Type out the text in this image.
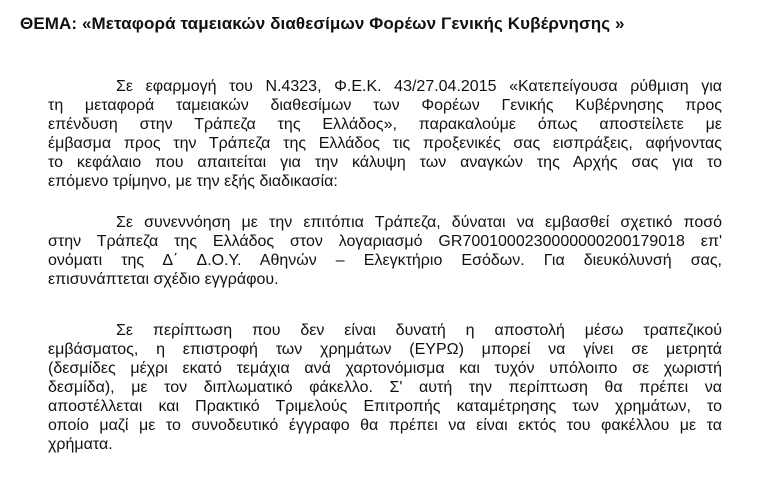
ΘΕΜΑ: «Μεταφορά ταμειακών διαθεσίμων Φορέων Γενικής Κυβέρνησης »
Σε εφαρμογή του Ν.4323, Φ.Ε.Κ. 43/27.04.2015 «Κατεπείγουσα ρύθμιση για
τη μεταφορά ταμειακών διαθεσίμων των Φορέων Γενικής Κυβέρνησης προς
επένδυση στην Τράπεζα της Ελλάδος», παρακαλούμε όπως αποστείλετε με
έμβασμα προς την Τράπεζα της Ελλάδος τις προξενικές σας εισπράξεις, αφήνοντας
το κεφάλαιο που απαιτείται για την κάλυψη των αναγκών της Αρχής σας για το
επόμενο τρίμηνο, με την εξής διαδικασία:
Σε συνεννόηση με την επιτόπια Τράπεζα, δύναται να εμβασθεί σχετικό ποσό
στην Τράπεζα της Ελλάδος στον λογαριασμό GR7001000230000000200179018 επ'
ονόματι της Δ΄ Δ.Ο.Υ. Αθηνών – Ελεγκτήριο Εσόδων. Για διευκόλυνσή σας,
επισυνάπτεται σχέδιο εγγράφου.
Σε περίπτωση που δεν είναι δυνατή η αποστολή μέσω τραπεζικού
εμβάσματος, η επιστροφή των χρημάτων (ΕΥΡΩ) μπορεί να γίνει σε μετρητά
(δεσμίδες μέχρι εκατό τεμάχια ανά χαρτονόμισμα και τυχόν υπόλοιπο σε χωριστή
δεσμίδα), με τον διπλωματικό φάκελλο. Σ' αυτή την περίπτωση θα πρέπει να
αποστέλλεται και Πρακτικό Τριμελούς Επιτροπής καταμέτρησης των χρημάτων, το
οποίο μαζί με το συνοδευτικό έγγραφο θα πρέπει να είναι εκτός του φακέλλου με τα
χρήματα.
